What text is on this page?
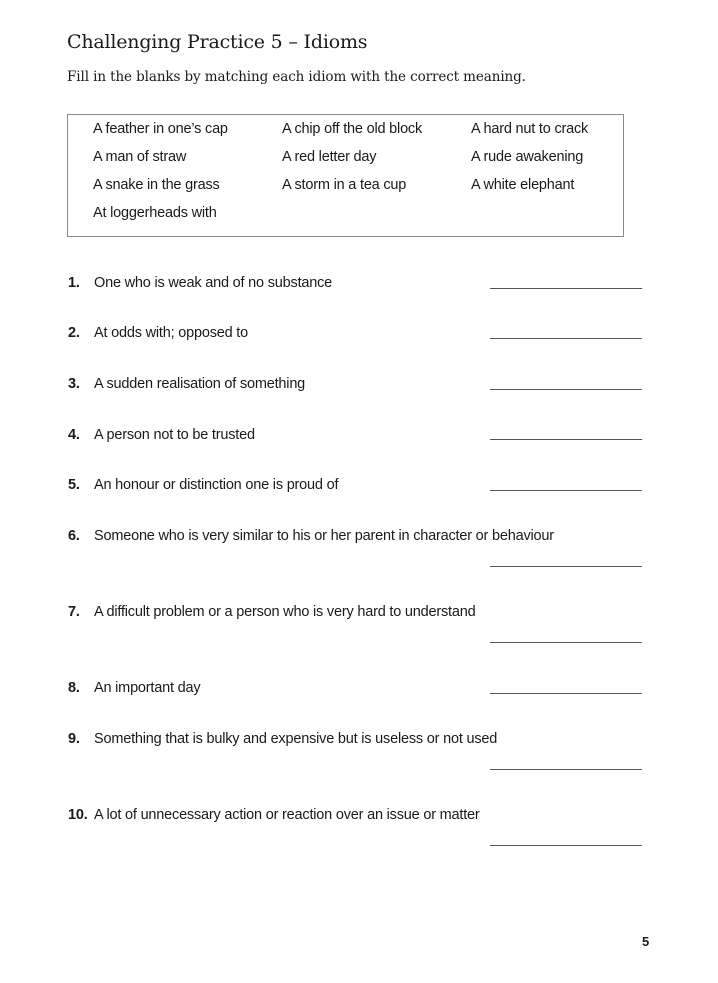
Challenging Practice 5 – Idioms

Fill in the blanks by matching each idiom with the correct meaning.

A feather in one’s cap	A chip off the old block	A hard nut to crack
A man of straw	A red letter day	A rude awakening
A snake in the grass	A storm in a tea cup	A white elephant
At loggerheads with
1. One who is weak and of no substance
2. At odds with; opposed to
3. A sudden realisation of something
4. A person not to be trusted
5. An honour or distinction one is proud of
6. Someone who is very similar to his or her parent in character or behaviour
7. A difficult problem or a person who is very hard to understand
8. An important day
9. Something that is bulky and expensive but is useless or not used
10. A lot of unnecessary action or reaction over an issue or matter
5
